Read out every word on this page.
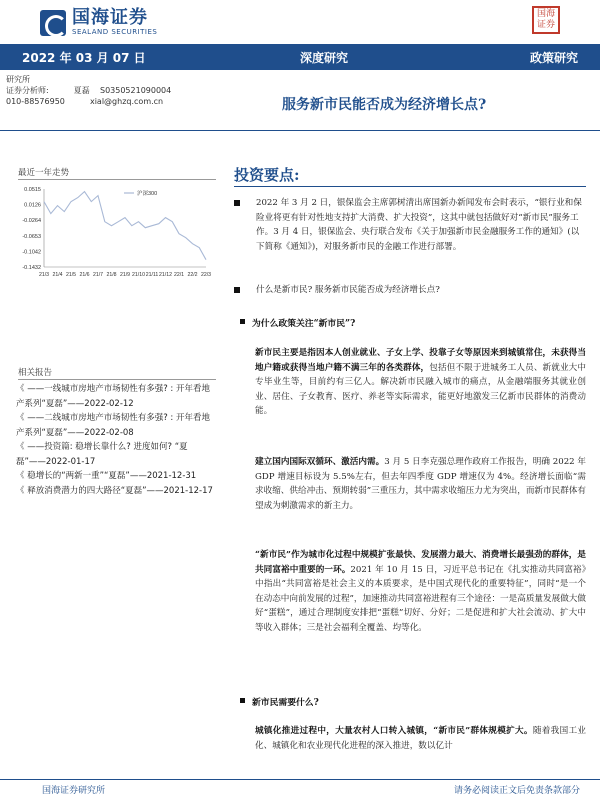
国海证券
SEALAND SECURITIES
国海
证券
2022 年 03 月 07 日	深度研究	政策研究
研究所
证券分析师:	夏磊 S0350521090004
010-88576950	xial@ghzq.com.cn	服务新市民能否成为经济增长点?
最近一年走势
0.0515
0.0126
-0.0264
-0.0653
-0.1042
-0.1432
21/3 21/4 21/5 21/6 21/7 21/8 21/9 21/10 21/11 21/12 22/1 22/2 22/3
沪深300
相关报告
《 ——一线城市房地产市场韧性有多强? : 开年看地产系列“夏磊”——2022-02-12
《 ——二线城市房地产市场韧性有多强? : 开年看地产系列“夏磊”——2022-02-08
《 ——投资篇: 稳增长靠什么? 进度如何? “夏磊”——2022-01-17
《 稳增长的“两新一重”“夏磊”——2021-12-31
《 释放消费潜力的四大路径“夏磊”——2021-12-17
投资要点:
2022 年 3 月 2 日，银保监会主席郭树清出席国新办新闻发布会时表示，“银行业和保险业将更有针对性地支持扩大消费、扩大投资”，这其中就包括做好对“新市民”服务工作。3 月 4 日，银保监会、央行联合发布《关于加强新市民金融服务工作的通知》(以下简称《通知》)，对服务新市民的金融工作进行部署。
什么是新市民? 服务新市民能否成为经济增长点?
为什么政策关注“新市民”?
新市民主要是指因本人创业就业、子女上学、投靠子女等原因来到城镇常住，未获得当地户籍或获得当地户籍不满三年的各类群体，包括但不限于进城务工人员、新就业大中专毕业生等，目前约有三亿人。解决新市民融入城市的痛点，从金融端服务其就业创业、居住、子女教育、医疗、养老等实际需求，能更好地激发三亿新市民群体的消费动能。
建立国内国际双循环、激活内需。3 月 5 日李克强总理作政府工作报告，明确 2022 年 GDP 增速目标设为 5.5%左右，但去年四季度 GDP 增速仅为 4%。经济增长面临“需求收缩、供给冲击、预期转弱”三重压力，其中需求收缩压力尤为突出，而新市民群体有望成为刺激需求的新主力。
“新市民”作为城市化过程中规模扩张最快、发展潜力最大、消费增长最强劲的群体，是共同富裕中重要的一环。2021 年 10 月 15 日，习近平总书记在《扎实推动共同富裕》中指出“共同富裕是社会主义的本质要求，是中国式现代化的重要特征”，同时“是一个在动态中向前发展的过程”，加速推动共同富裕进程有三个途径：一是高质量发展做大做好“蛋糕”，通过合理制度安排把“蛋糕”切好、分好；二是促进和扩大社会流动、扩大中等收入群体；三是社会福利全覆盖、均等化。
新市民需要什么?
城镇化推进过程中，大量农村人口转入城镇，“新市民”群体规模扩大。随着我国工业化、城镇化和农业现代化进程的深入推进，数以亿计
国海证券研究所	请务必阅读正文后免责条款部分
